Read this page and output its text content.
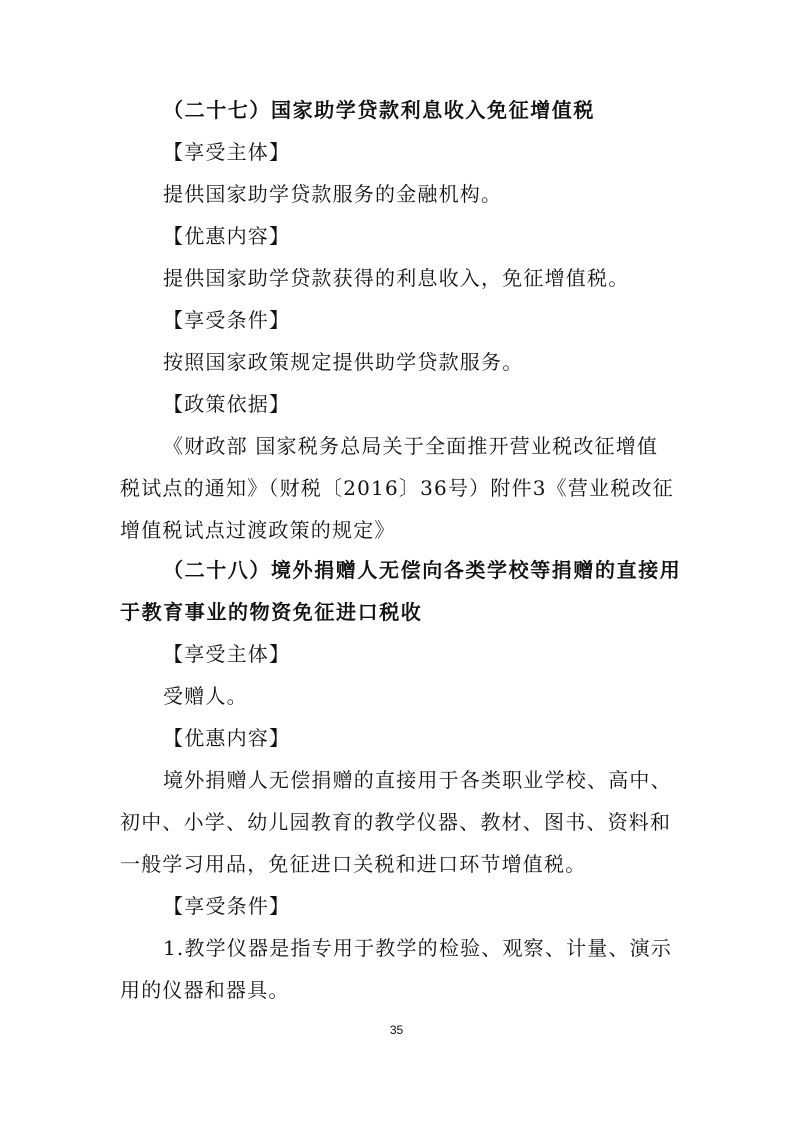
（二十七）国家助学贷款利息收入免征增值税
【享受主体】
提供国家助学贷款服务的金融机构。
【优惠内容】
提供国家助学贷款获得的利息收入，免征增值税。
【享受条件】
按照国家政策规定提供助学贷款服务。
【政策依据】
《财政部 国家税务总局关于全面推开营业税改征增值
税试点的通知》（财税〔2016〕36号）附件3《营业税改征
增值税试点过渡政策的规定》
（二十八）境外捐赠人无偿向各类学校等捐赠的直接用
于教育事业的物资免征进口税收
【享受主体】
受赠人。
【优惠内容】
境外捐赠人无偿捐赠的直接用于各类职业学校、高中、
初中、小学、幼儿园教育的教学仪器、教材、图书、资料和
一般学习用品，免征进口关税和进口环节增值税。
【享受条件】
1.教学仪器是指专用于教学的检验、观察、计量、演示
用的仪器和器具。
35
